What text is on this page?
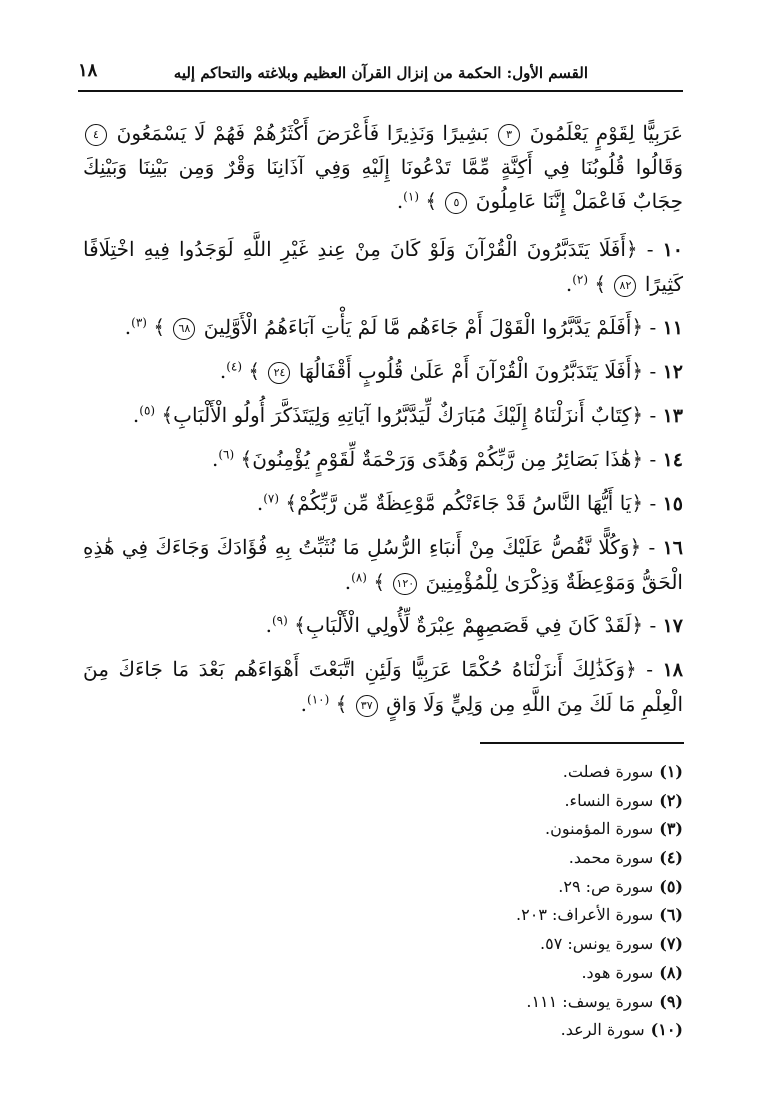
القسم الأول: الحكمة من إنزال القرآن العظيم وبلاغته والتحاكم إليه
١٨
عَرَبِيًّا لِقَوْمٍ يَعْلَمُونَ ٣ بَشِيرًا وَنَذِيرًا فَأَعْرَضَ أَكْثَرُهُمْ فَهُمْ لَا يَسْمَعُونَ ٤ وَقَالُوا قُلُوبُنَا فِي أَكِنَّةٍ مِّمَّا تَدْعُونَا إِلَيْهِ وَفِي آذَانِنَا وَقْرٌ وَمِن بَيْنِنَا وَبَيْنِكَ حِجَابٌ فَاعْمَلْ إِنَّنَا عَامِلُونَ ٥ ﴾ $^{(١)}$.
١٠ - ﴿أَفَلَا يَتَدَبَّرُونَ الْقُرْآنَ وَلَوْ كَانَ مِنْ عِندِ غَيْرِ اللَّهِ لَوَجَدُوا فِيهِ اخْتِلَافًا كَثِيرًا ٨٢ ﴾ $^{(٢)}$.
١١ - ﴿أَفَلَمْ يَدَّبَّرُوا الْقَوْلَ أَمْ جَاءَهُم مَّا لَمْ يَأْتِ آبَاءَهُمُ الْأَوَّلِينَ ٦٨ ﴾ $^{(٣)}$.
١٢ - ﴿أَفَلَا يَتَدَبَّرُونَ الْقُرْآنَ أَمْ عَلَىٰ قُلُوبٍ أَقْفَالُهَا ٢٤ ﴾ $^{(٤)}$.
١٣ - ﴿كِتَابٌ أَنزَلْنَاهُ إِلَيْكَ مُبَارَكٌ لِّيَدَّبَّرُوا آيَاتِهِ وَلِيَتَذَكَّرَ أُولُو الْأَلْبَابِ﴾ $^{(٥)}$.
١٤ - ﴿هَٰذَا بَصَائِرُ مِن رَّبِّكُمْ وَهُدًى وَرَحْمَةٌ لِّقَوْمٍ يُؤْمِنُونَ﴾ $^{(٦)}$.
١٥ - ﴿يَا أَيُّهَا النَّاسُ قَدْ جَاءَتْكُم مَّوْعِظَةٌ مِّن رَّبِّكُمْ﴾ $^{(٧)}$.
١٦ - ﴿وَكُلًّا نَّقُصُّ عَلَيْكَ مِنْ أَنبَاءِ الرُّسُلِ مَا نُثَبِّتُ بِهِ فُؤَادَكَ وَجَاءَكَ فِي هَٰذِهِ الْحَقُّ وَمَوْعِظَةٌ وَذِكْرَىٰ لِلْمُؤْمِنِينَ ١٢٠ ﴾ $^{(٨)}$.
١٧ - ﴿لَقَدْ كَانَ فِي قَصَصِهِمْ عِبْرَةٌ لِّأُولِي الْأَلْبَابِ﴾ $^{(٩)}$.
١٨ - ﴿وَكَذَٰلِكَ أَنزَلْنَاهُ حُكْمًا عَرَبِيًّا وَلَئِنِ اتَّبَعْتَ أَهْوَاءَهُم بَعْدَ مَا جَاءَكَ مِنَ الْعِلْمِ مَا لَكَ مِنَ اللَّهِ مِن وَلِيٍّ وَلَا وَاقٍ ٣٧ ﴾ $^{(١٠)}$.
(١)سورة فصلت.
(٢)سورة النساء.
(٣)سورة المؤمنون.
(٤)سورة محمد.
(٥)سورة ص: ٢٩.
(٦)سورة الأعراف: ٢٠٣.
(٧)سورة يونس: ٥٧.
(٨)سورة هود.
(٩)سورة يوسف: ١١١.
(١٠)سورة الرعد.
